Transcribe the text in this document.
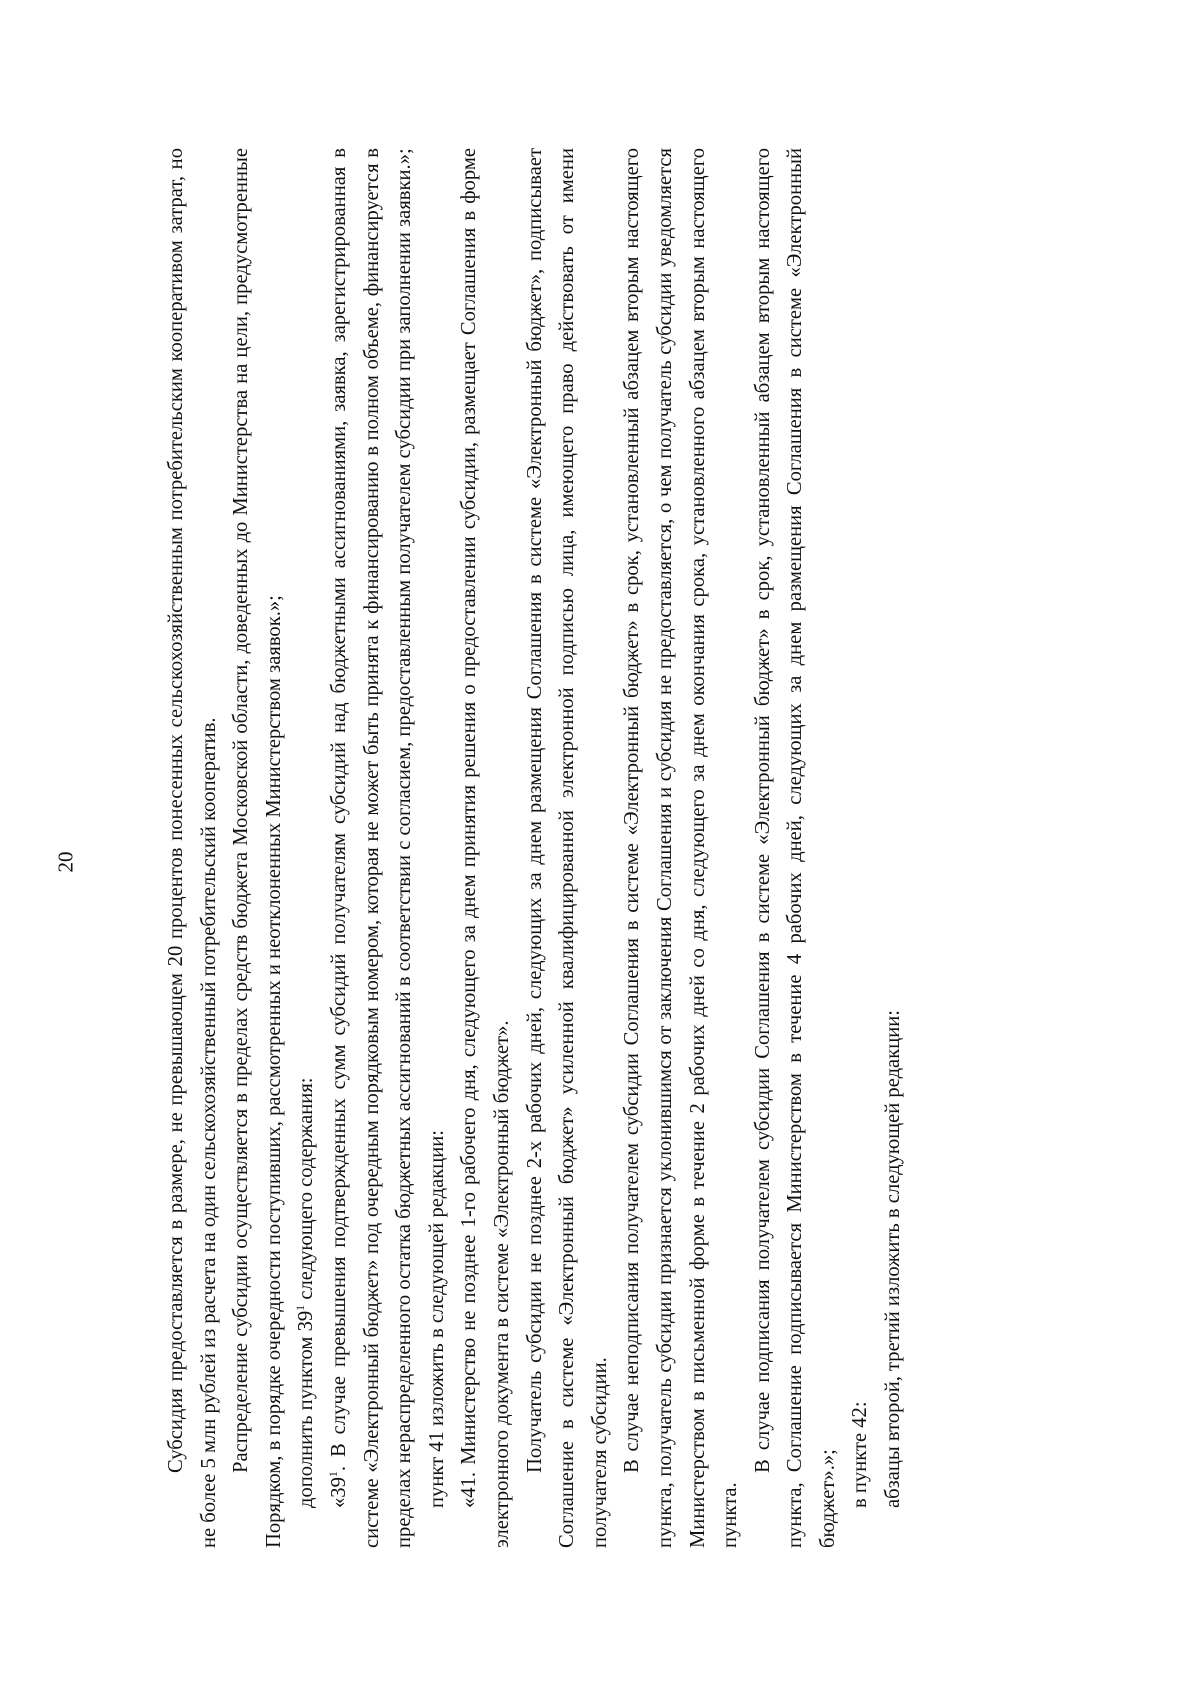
20	Субсидия предоставляется в размере, не превышающем 20 процентов понесенных сельскохозяйственным потребительским кооперативом затрат, но не более 5 млн рублей из расчета на один сельскохозяйственный потребительский кооператив. Распределение субсидии осуществляется в пределах средств бюджета Московской области, доведенных до Министерства на цели, предусмотренные Порядком, в порядке очередности поступивших, рассмотренных и неотклоненных Министерством заявок.»; дополнить пунктом $39^1$ следующего содержания:

«$39^1$. В случае превышения подтвержденных сумм субсидий получателям субсидий над бюджетными ассигнованиями, заявка, зарегистрированная в системе «Электронный бюджет» под очередным порядковым номером, которая не может быть принята к финансированию в полном объеме, финансируется в пределах нераспределенного остатка бюджетных ассигнований в соответствии с согласием, предоставленным получателем субсидии при заполнении заявки.»; пункт 41 изложить в следующей редакции: «41. Министерство не позднее 1-го рабочего дня, следующего за днем принятия решения о предоставлении субсидии, размещает Соглашения в форме электронного документа в системе «Электронный бюджет». Получатель субсидии не позднее 2-х рабочих дней, следующих за днем размещения Соглашения в системе «Электронный бюджет», подписывает Соглашение в системе «Электронный бюджет» усиленной квалифицированной электронной подписью лица, имеющего право действовать от имени получателя субсидии. В случае неподписания получателем субсидии Соглашения в системе «Электронный бюджет» в срок, установленный абзацем вторым настоящего пункта, получатель субсидии признается уклонившимся от заключения Соглашения и субсидия не предоставляется, о чем получатель субсидии уведомляется Министерством в письменной форме в течение 2 рабочих дней со дня, следующего за днем окончания срока, установленного абзацем вторым настоящего пункта.

В случае подписания получателем субсидии Соглашения в системе «Электронный бюджет» в срок, установленный абзацем вторым настоящего пункта, Соглашение подписывается Министерством в течение 4 рабочих дней, следующих за днем размещения Соглашения в системе «Электронный бюджет».»; в пункте 42: абзацы второй, третий изложить в следующей редакции:
